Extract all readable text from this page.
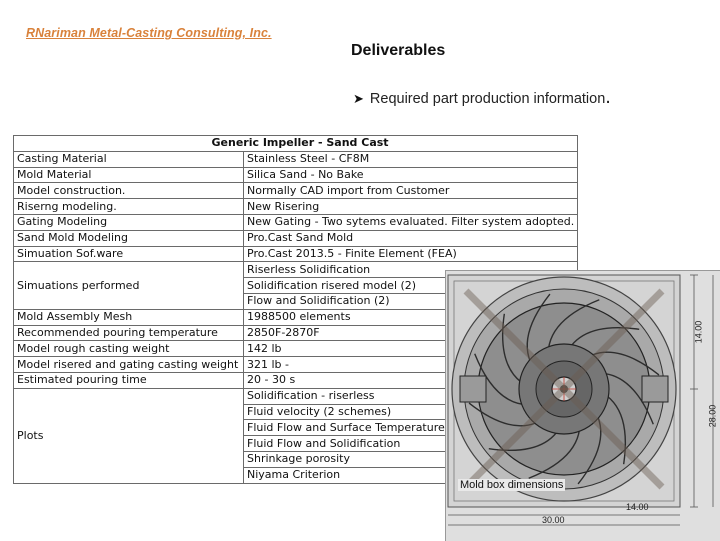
RNariman Metal-Casting Consulting, Inc.
Deliverables
➤ Required part production information.
	Generic Impeller - Sand Cast
Casting Material	Stainless Steel - CF8M
Mold Material	Silica Sand - No Bake
Model construction.	Normally CAD import from Customer
Riserng modeling.	New Risering
Gating Modeling	New Gating - Two sytems evaluated. Filter system adopted.
Sand Mold Modeling	Pro.Cast Sand Mold
Simuation Sof.ware	Pro.Cast 2013.5 - Finite Element (FEA)
Simuations performed	Riserless Solidification
Solidification risered model (2)
Flow and Solidification (2)
Mold Assembly Mesh	1988500 elements
Recommended pouring temperature	2850F-2870F
Model rough casting weight	142 lb
Model risered and gating casting weight	321 lb -
Estimated pouring time	20 - 30 s
Plots	Solidification - riserless
Fluid velocity (2 schemes)
Fluid Flow and Surface Temperature
Fluid Flow and Solidification
Shrinkage porosity
Niyama Criterion
14.00
28.00
14.00
30.00
Mold box dimensions
